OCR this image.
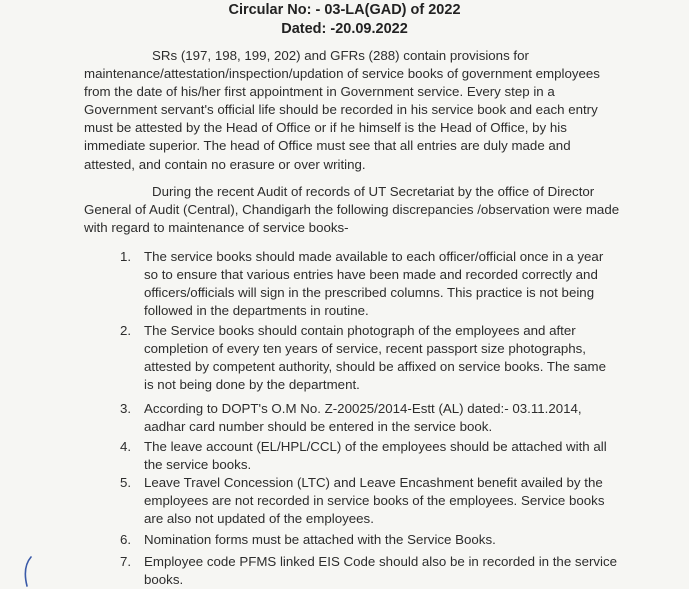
Circular No: - 03-LA(GAD) of 2022
Dated: -20.09.2022
SRs (197, 198, 199, 202) and GFRs (288) contain provisions for
maintenance/attestation/inspection/updation of service books of government employees
from the date of his/her first appointment in Government service. Every step in a
Government servant's official life should be recorded in his service book and each entry
must be attested by the Head of Office or if he himself is the Head of Office, by his
immediate superior. The head of Office must see that all entries are duly made and
attested, and contain no erasure or over writing.
During the recent Audit of records of UT Secretariat by the office of Director
General of Audit (Central), Chandigarh the following discrepancies /observation were made
with regard to maintenance of service books-
1. The service books should made available to each officer/official once in a year
so to ensure that various entries have been made and recorded correctly and
officers/officials will sign in the prescribed columns. This practice is not being
followed in the departments in routine.
2. The Service books should contain photograph of the employees and after
completion of every ten years of service, recent passport size photographs,
attested by competent authority, should be affixed on service books. The same
is not being done by the department.
3. According to DOPT's O.M No. Z-20025/2014-Estt (AL) dated:- 03.11.2014,
aadhar card number should be entered in the service book.
4. The leave account (EL/HPL/CCL) of the employees should be attached with all
the service books.
5. Leave Travel Concession (LTC) and Leave Encashment benefit availed by the
employees are not recorded in service books of the employees. Service books
are also not updated of the employees.
6. Nomination forms must be attached with the Service Books.
7. Employee code PFMS linked EIS Code should also be in recorded in the service
books.
